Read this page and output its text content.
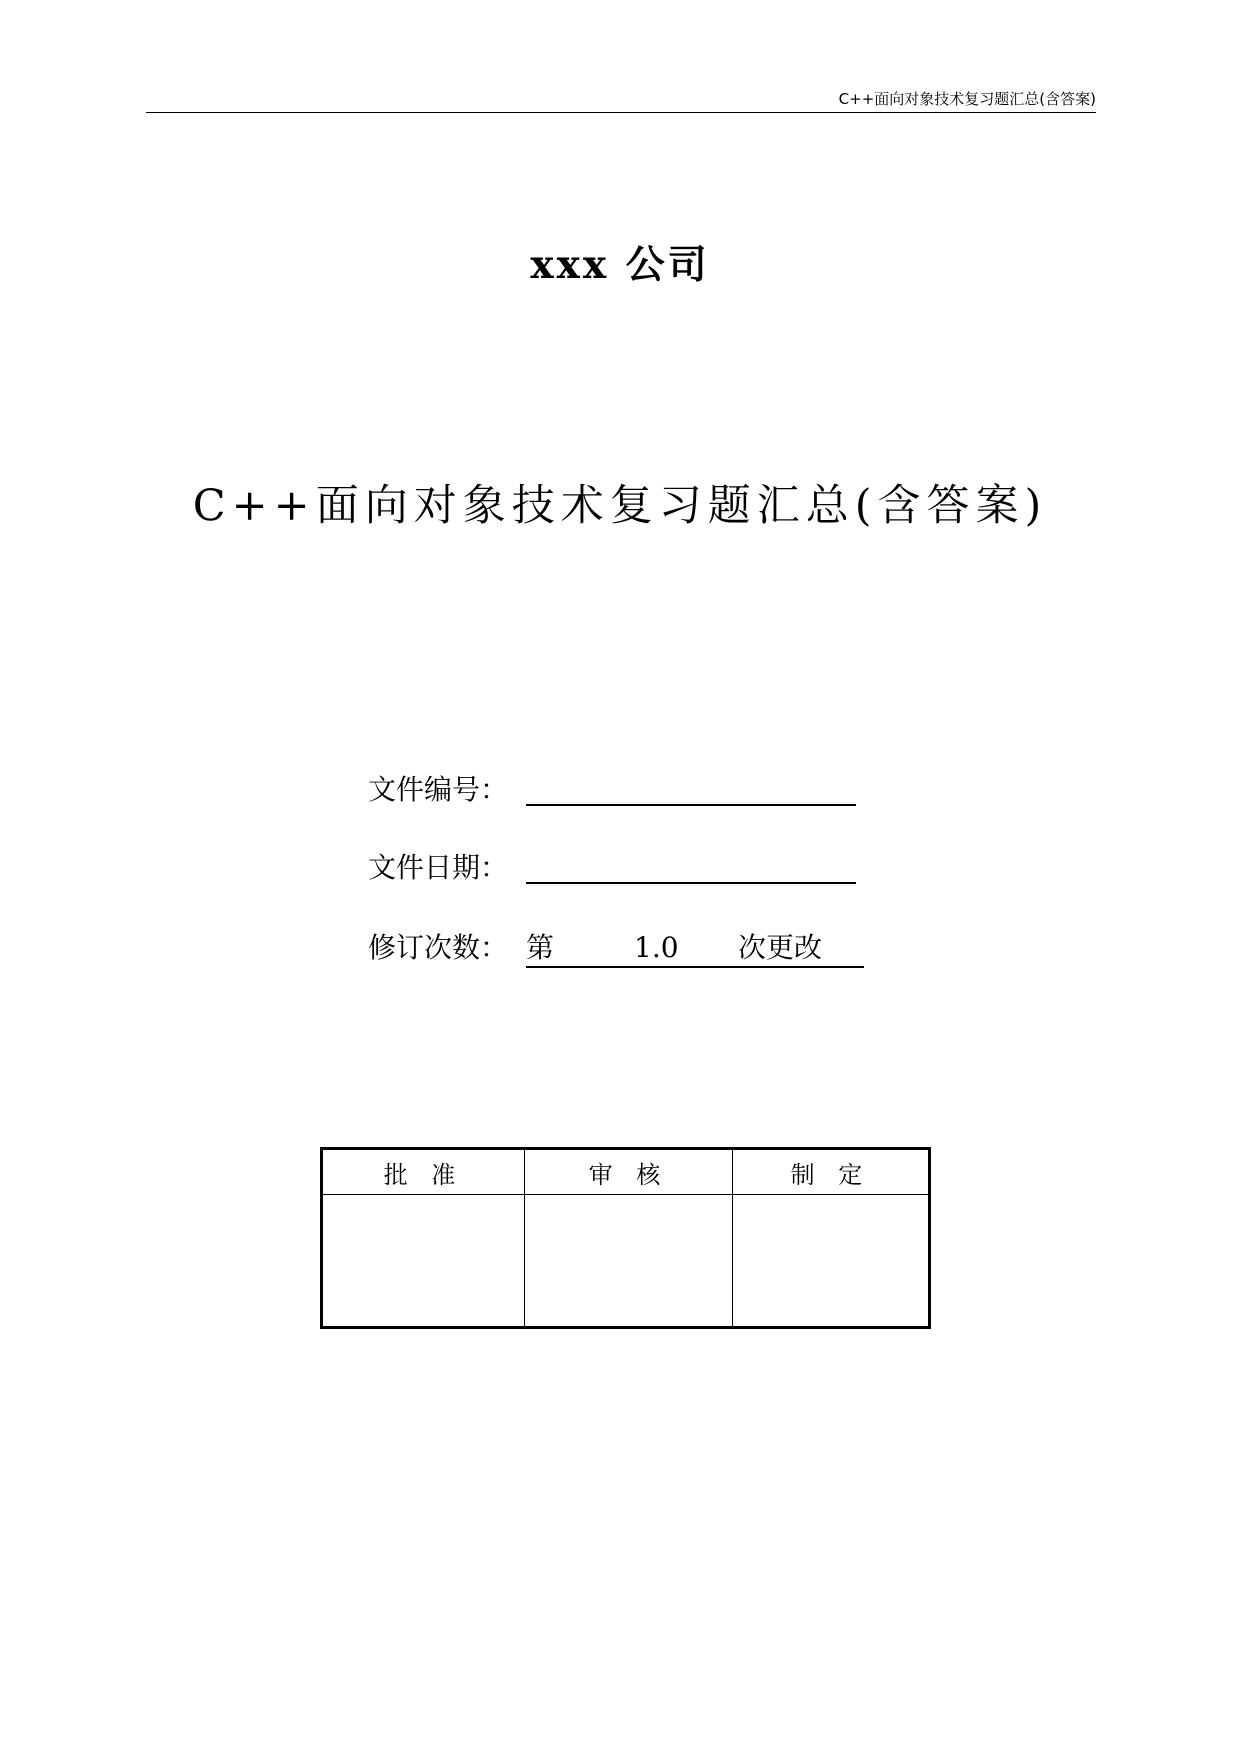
C++面向对象技术复习题汇总(含答案)
xxx 公司
C++面向对象技术复习题汇总(含答案)
文件编号：
文件日期：
修订次数： 第	1.0 次更改
批 准	审 核	制 定
